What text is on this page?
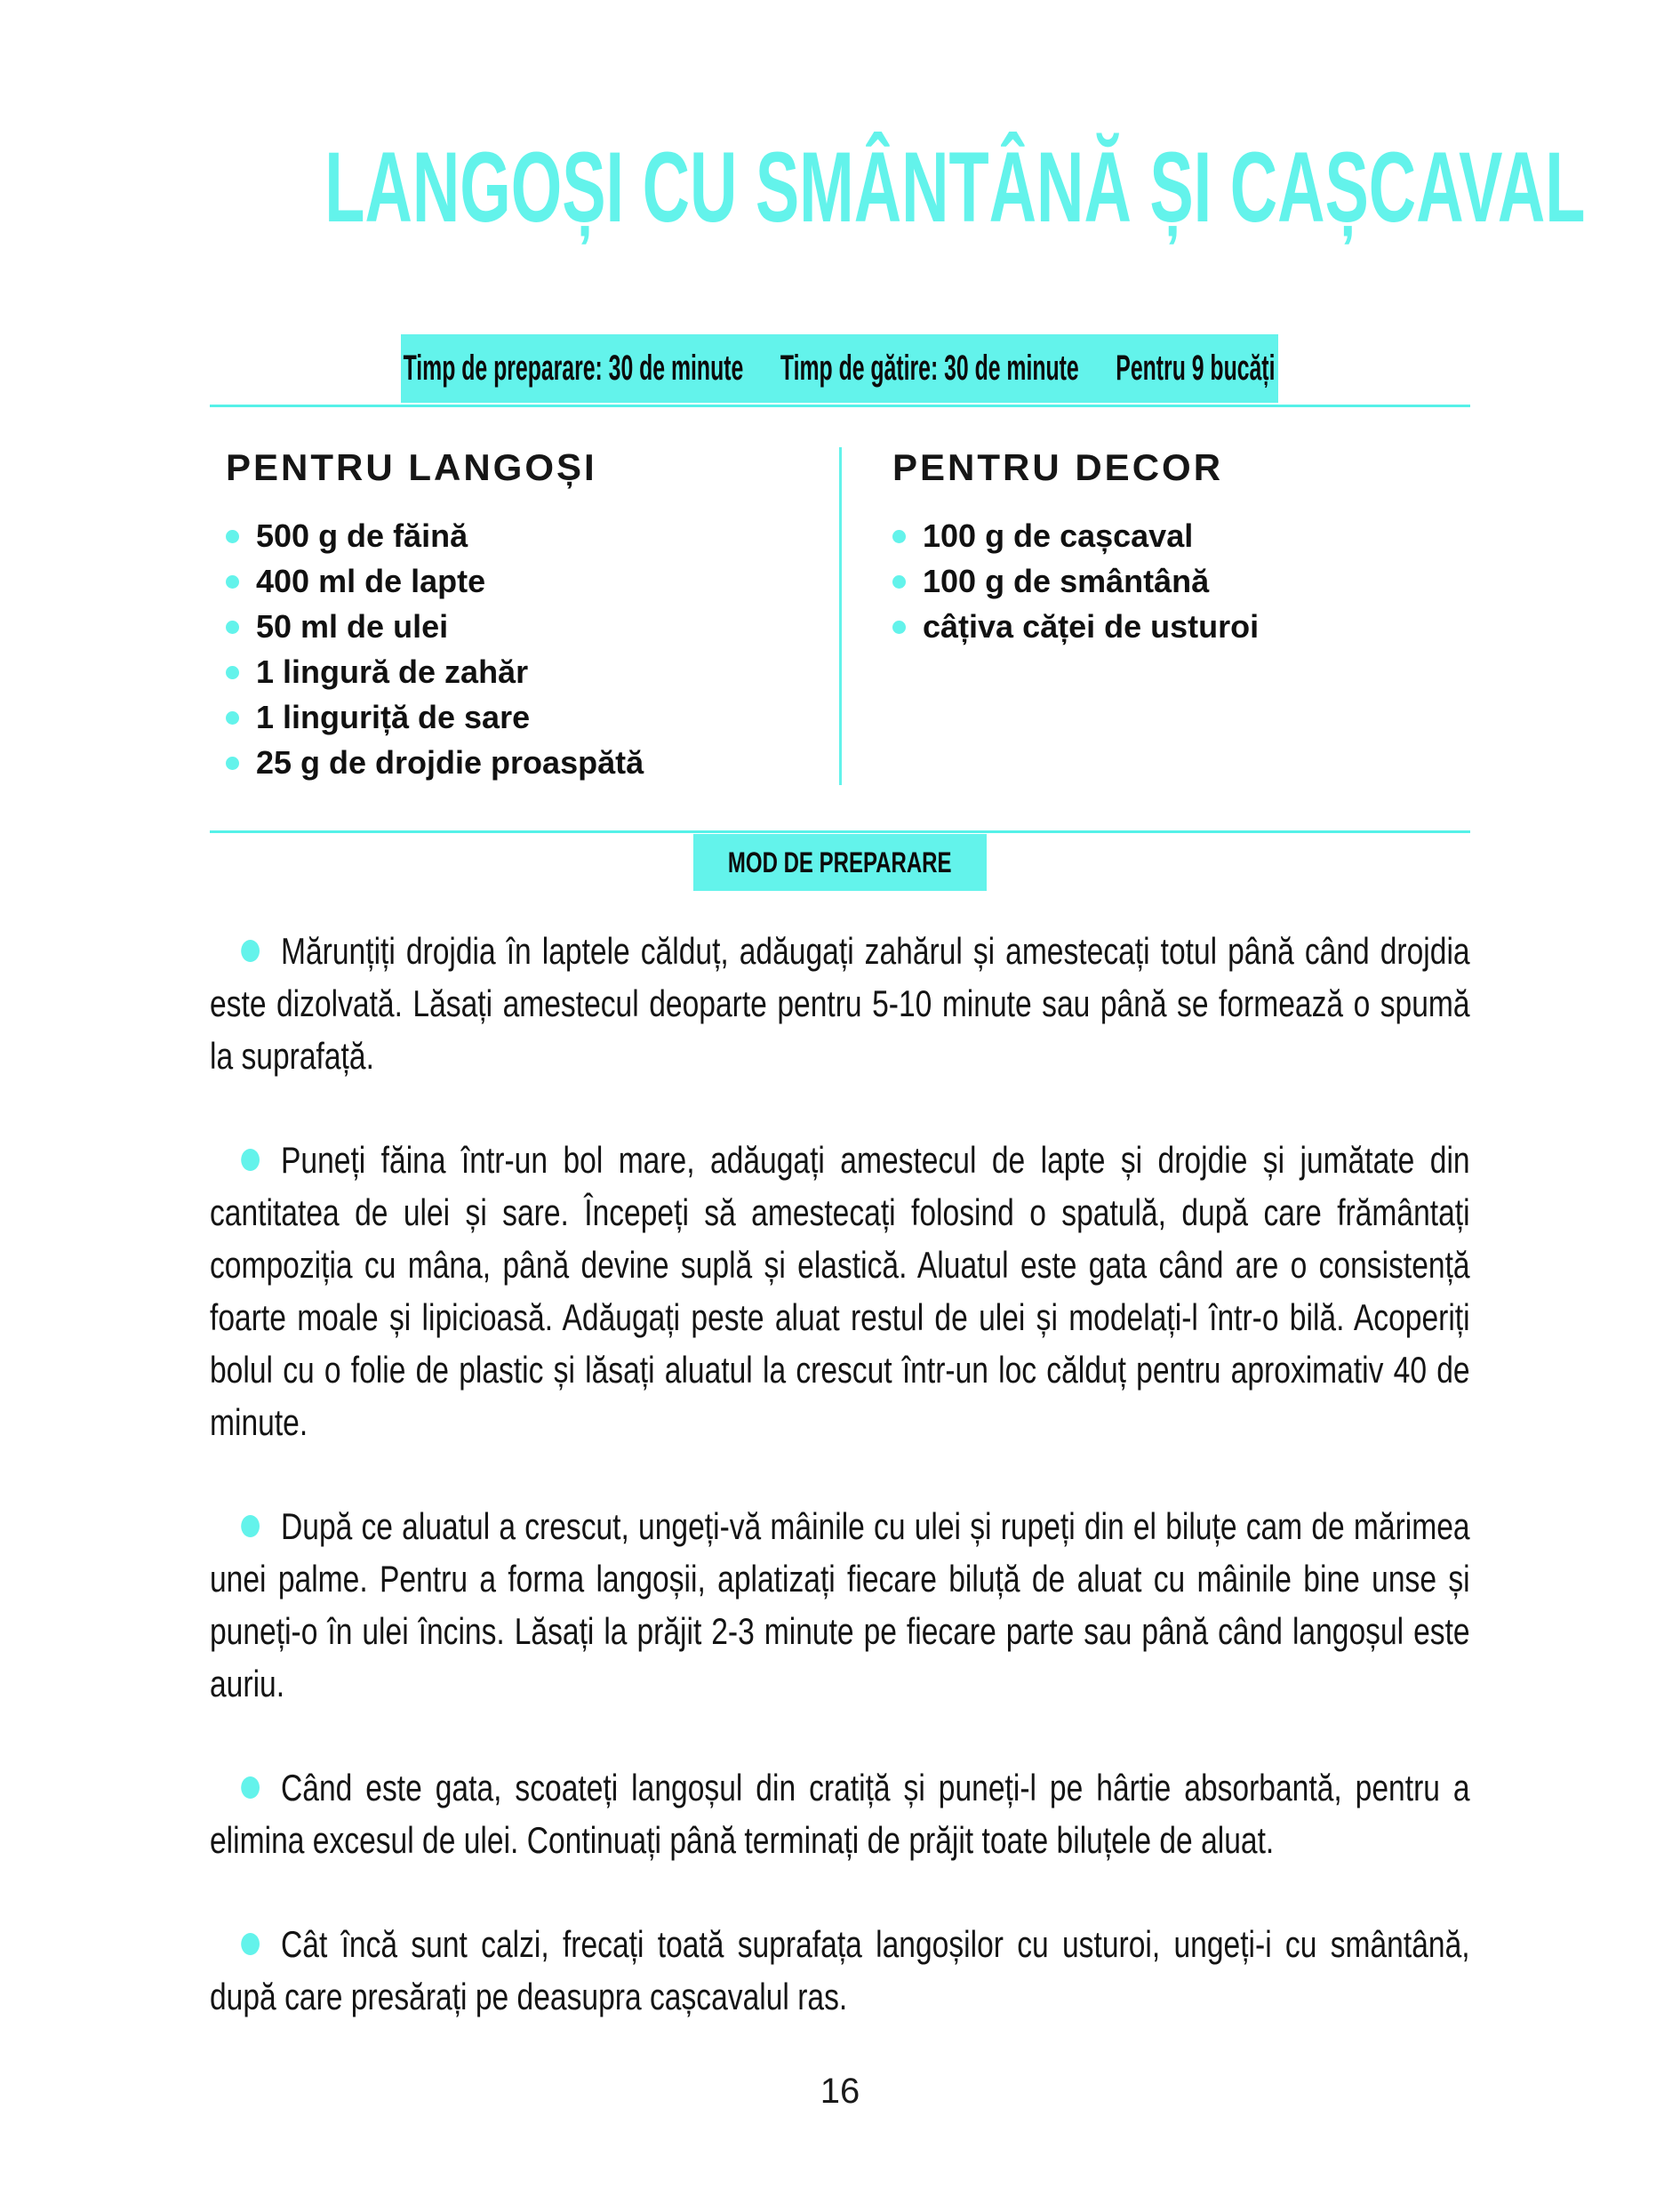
LANGOȘI CU SMÂNTÂNĂ ȘI CAȘCAVAL
Timp de preparare: 30 de minute Timp de gătire: 30 de minute Pentru 9 bucăți
PENTRU LANGOȘI
500 g de făină
400 ml de lapte
50 ml de ulei
1 lingură de zahăr
1 linguriță de sare
25 g de drojdie proaspătă
PENTRU DECOR
100 g de cașcaval
100 g de smântână
câțiva căței de usturoi
MOD DE PREPARARE

Mărunțiți drojdia în laptele călduț, adăugați zahărul și amestecați totul până când drojdia este dizolvată. Lăsați amestecul deoparte pentru 5-10 minute sau până se formează o spumă la suprafață.

Puneți făina într-un bol mare, adăugați amestecul de lapte și drojdie și jumătate din cantitatea de ulei și sare. Începeți să amestecați folosind o spatulă, după care frământați compoziția cu mâna, până devine suplă și elastică. Aluatul este gata când are o consistență foarte moale și lipicioasă. Adăugați peste aluat restul de ulei și modelați-l într-o bilă. Acoperiți bolul cu o folie de plastic și lăsați aluatul la crescut într-un loc călduț pentru aproximativ 40 de minute.

După ce aluatul a crescut, ungeți-vă mâinile cu ulei și rupeți din el biluțe cam de mărimea unei palme. Pentru a forma langoșii, aplatizați fiecare biluță de aluat cu mâinile bine unse și puneți-o în ulei încins. Lăsați la prăjit 2-3 minute pe fiecare parte sau până când langoșul este auriu.

Când este gata, scoateți langoșul din cratiță și puneți-l pe hârtie absorbantă, pentru a elimina excesul de ulei. Continuați până terminați de prăjit toate biluțele de aluat.

Cât încă sunt calzi, frecați toată suprafața langoșilor cu usturoi, ungeți-i cu smântână, după care presărați pe deasupra cașcavalul ras.

16
